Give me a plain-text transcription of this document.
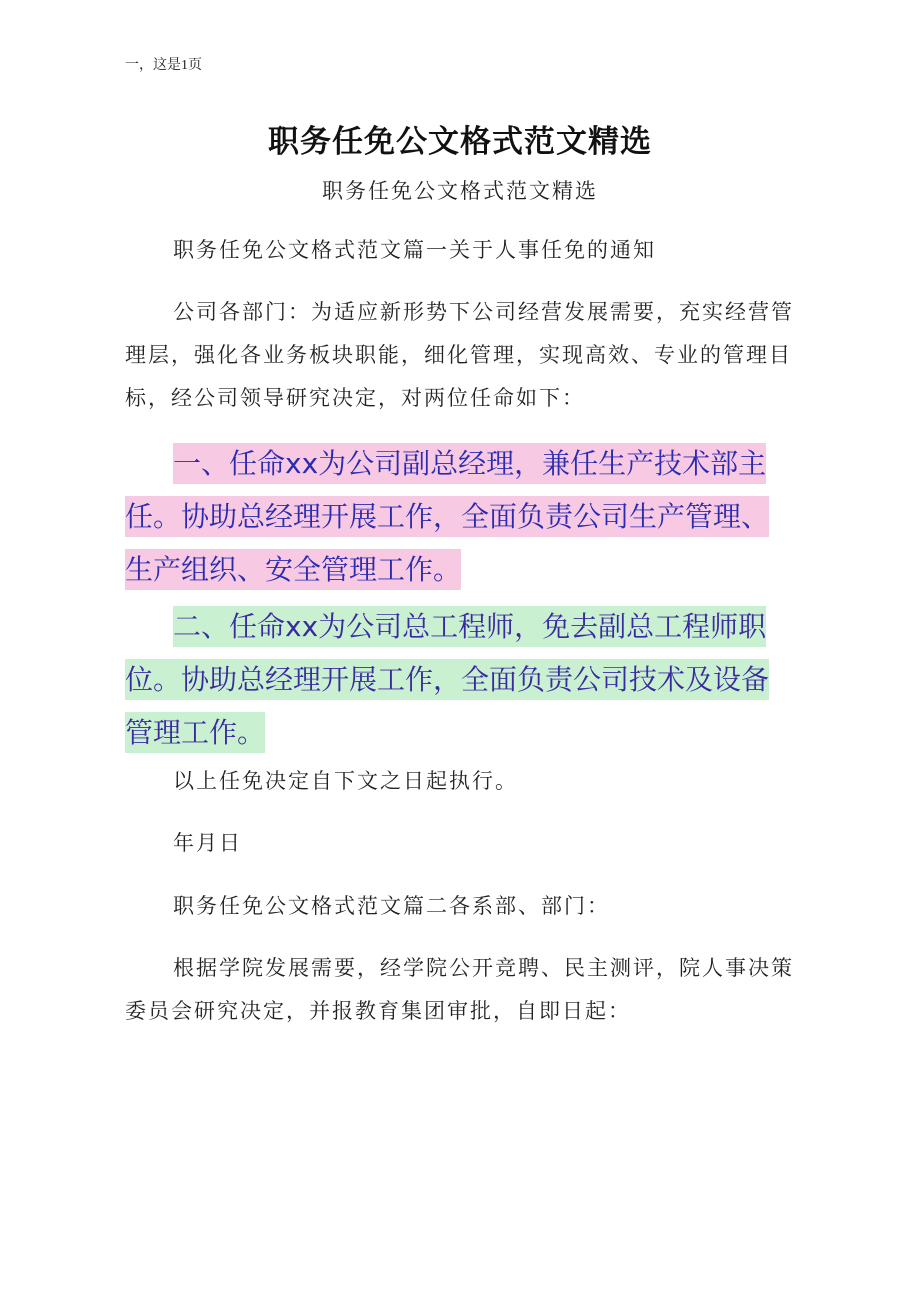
一，这是1页
职务任免公文格式范文精选
职务任免公文格式范文精选

职务任免公文格式范文篇一关于人事任免的通知

公司各部门：为适应新形势下公司经营发展需要，充实经营管理层，强化各业务板块职能，细化管理，实现高效、专业的管理目标，经公司领导研究决定，对两位任命如下：

一、任命xx为公司副总经理，兼任生产技术部主任。协助总经理开展工作，全面负责公司生产管理、生产组织、安全管理工作。

二、任命xx为公司总工程师，免去副总工程师职位。协助总经理开展工作，全面负责公司技术及设备管理工作。

以上任免决定自下文之日起执行。

年月日

职务任免公文格式范文篇二各系部、部门：

根据学院发展需要，经学院公开竞聘、民主测评，院人事决策委员会研究决定，并报教育集团审批，自即日起：
